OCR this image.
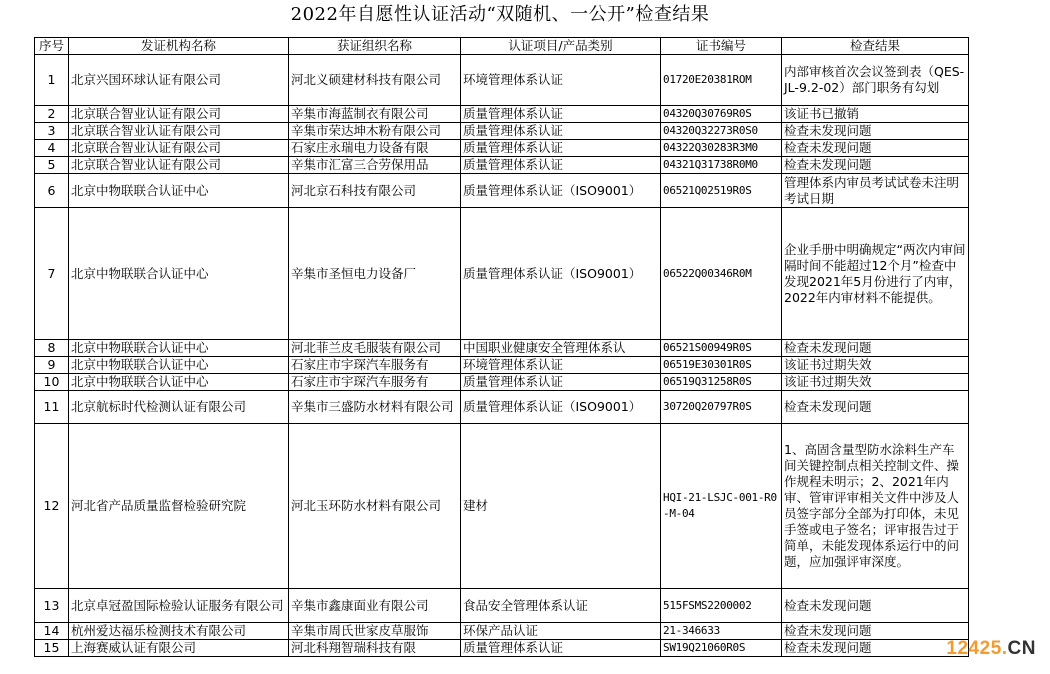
2022年自愿性认证活动“双随机、一公开”检查结果
序号	发证机构名称	获证组织名称	认证项目/产品类别	证书编号	检查结果
1	北京兴国环球认证有限公司	河北义硕建材科技有限公司	环境管理体系认证	01720E20381ROM	内部审核首次会议签到表（QES-JL-9.2-02）部门职务有勾划
2	北京联合智业认证有限公司	辛集市海蓝制衣有限公司	质量管理体系认证	04320Q30769R0S	该证书已撤销
3	北京联合智业认证有限公司	辛集市荣达坤木粉有限公司	质量管理体系认证	04320Q32273R0S0	检查未发现问题
4	北京联合智业认证有限公司	石家庄永瑞电力设备有限	质量管理体系认证	04322Q30283R3M0	检查未发现问题
5	北京联合智业认证有限公司	辛集市汇富三合劳保用品	质量管理体系认证	04321Q31738R0M0	检查未发现问题
6	北京中物联联合认证中心	河北京石科技有限公司	质量管理体系认证（ISO9001）	06521Q02519R0S	管理体系内审员考试试卷未注明考试日期
7	北京中物联联合认证中心	辛集市圣恒电力设备厂	质量管理体系认证（ISO9001）	06522Q00346R0M	企业手册中明确规定“两次内审间隔时间不能超过12个月”检查中发现2021年5月份进行了内审，2022年内审材料不能提供。
8	北京中物联联合认证中心	河北菲兰皮毛服装有限公司	中国职业健康安全管理体系认	06521S00949R0S	检查未发现问题
9	北京中物联联合认证中心	石家庄市宇琛汽车服务有	环境管理体系认证	06519E30301R0S	该证书过期失效
10	北京中物联联合认证中心	石家庄市宇琛汽车服务有	质量管理体系认证	06519Q31258R0S	该证书过期失效
11	北京航标时代检测认证有限公司	辛集市三盛防水材料有限公司	质量管理体系认证（ISO9001）	30720Q20797R0S	检查未发现问题
12	河北省产品质量监督检验研究院	河北玉环防水材料有限公司	建材	HQI-21-LSJC-001-R0-M-04	1、高固含量型防水涂料生产车间关键控制点相关控制文件、操作规程未明示；2、2021年内审、管审评审相关文件中涉及人员签字部分全部为打印体，未见手签或电子签名；评审报告过于简单，未能发现体系运行中的问题，应加强评审深度。
13	北京卓冠盈国际检验认证服务有限公司	辛集市鑫康面业有限公司	食品安全管理体系认证	515FSMS2200002	检查未发现问题
14	杭州爱达福乐检测技术有限公司	辛集市周氏世家皮草服饰	环保产品认证	21-346633	检查未发现问题
15	上海赛威认证有限公司	河北科翔智瑞科技有限	质量管理体系认证	SW19Q21060R0S	检查未发现问题	12425.CN
